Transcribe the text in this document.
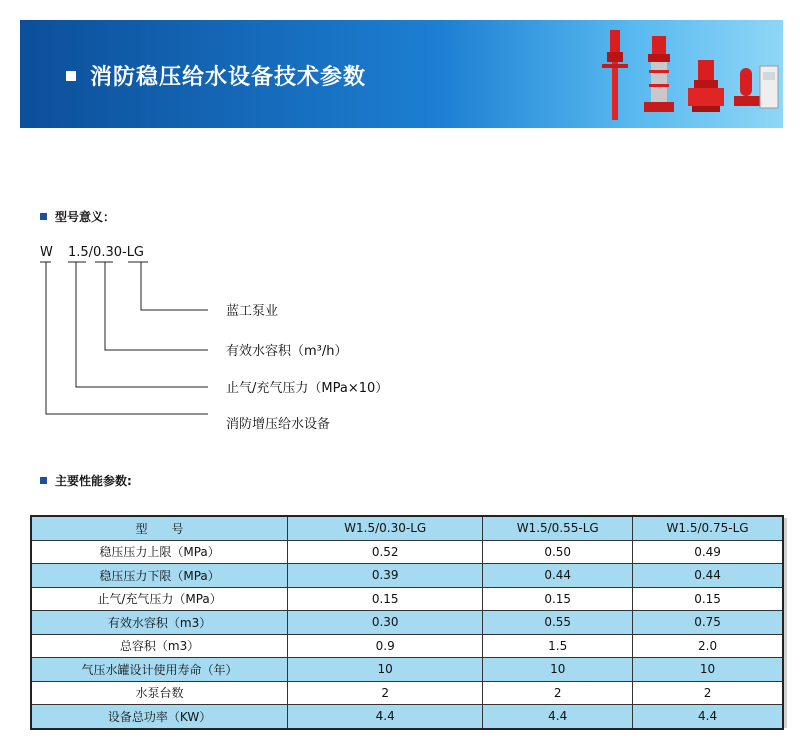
消防稳压给水设备技术参数
型号意义：
W 1.5/0.30-LG
蓝工泵业
有效水容积（m³/h）
止气/充气压力（MPa×10）
消防增压给水设备
主要性能参数:
型　　号	W1.5/0.30-LG	W1.5/0.55-LG	W1.5/0.75-LG
稳压压力上限（MPa）	0.52	0.50	0.49
稳压压力下限（MPa）	0.39	0.44	0.44
止气/充气压力（MPa）	0.15	0.15	0.15
有效水容积（m3）	0.30	0.55	0.75
总容积（m3）	0.9	1.5	2.0
气压水罐设计使用寿命（年）	10	10	10
水泵台数	2	2	2
设备总功率（KW）	4.4	4.4	4.4
